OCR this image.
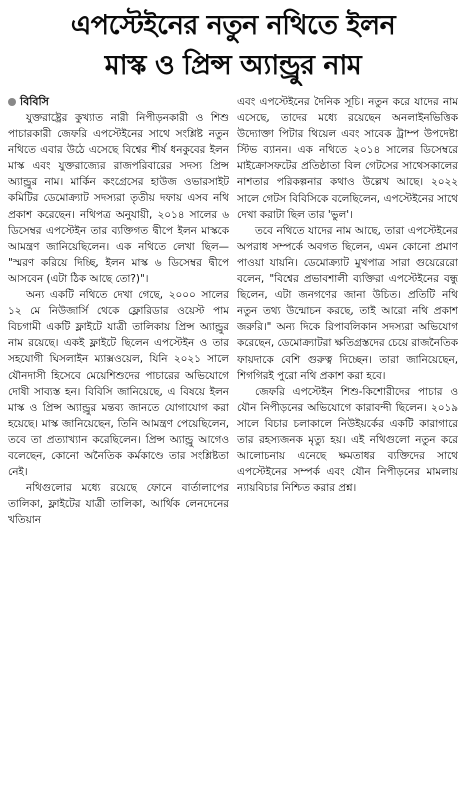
এপস্টেইনের নতুন নথিতে ইলন
মাস্ক ও প্রিন্স অ্যান্ড্রুর নাম
বিবিসি

যুক্তরাষ্ট্রের কুখ্যাত নারী নিপীড়নকারী ও শিশু পাচারকারী জেফরি এপস্টেইনের সাথে সংশ্লিষ্ট নতুন নথিতে এবার উঠে এসেছে বিশ্বের শীর্ষ ধনকুবের ইলন মাস্ক এবং যুক্তরাজ্যের রাজপরিবারের সদস্য প্রিন্স অ্যান্ড্রুর নাম। মার্কিন কংগ্রেসের হাউজ ওভারসাইট কমিটির ডেমোক্র্যাট সদস্যরা তৃতীয় দফায় এসব নথি প্রকাশ করেছেন। নথিপত্র অনুযায়ী, ২০১৪ সালের ৬ ডিসেম্বর এপস্টেইন তার ব্যক্তিগত দ্বীপে ইলন মাস্ককে আমন্ত্রণ জানিয়েছিলেন। এক নথিতে লেখা ছিল— "স্মরণ করিয়ে দিচ্ছি, ইলন মাস্ক ৬ ডিসেম্বর দ্বীপে আসবেন (এটা ঠিক আছে তো?)"।

অন্য একটি নথিতে দেখা গেছে, ২০০০ সালের ১২ মে নিউজার্সি থেকে ফ্লোরিডার ওয়েস্ট পাম বিচগামী একটি ফ্লাইটে যাত্রী তালিকায় প্রিন্স অ্যান্ড্রুর নাম রয়েছে। একই ফ্লাইটে ছিলেন এপস্টেইন ও তার সহযোগী ঘিসলাইন ম্যাক্সওয়েল, যিনি ২০২১ সালে যৌনদাসী হিসেবে মেয়েশিশুদের পাচারের অভিযোগে দোষী সাব্যস্ত হন। বিবিসি জানিয়েছে, এ বিষয়ে ইলন মাস্ক ও প্রিন্স অ্যান্ড্রুর মন্তব্য জানতে যোগাযোগ করা হয়েছে। মাস্ক জানিয়েছেন, তিনি আমন্ত্রণ পেয়েছিলেন, তবে তা প্রত্যাখ্যান করেছিলেন। প্রিন্স অ্যান্ড্রু আগেও বলেছেন, কোনো অনৈতিক কর্মকাণ্ডে তার সংশ্লিষ্টতা নেই।

নথিগুলোর মধ্যে রয়েছে ফোনে বার্তালাপের তালিকা, ফ্লাইটের যাত্রী তালিকা, আর্থিক লেনদেনের খতিয়ান

এবং এপস্টেইনের দৈনিক সূচি। নতুন করে যাদের নাম এসেছে, তাদের মধ্যে রয়েছেন অনলাইনভিত্তিক উদ্যোক্তা পিটার থিয়েল এবং সাবেক ট্রাম্প উপদেষ্টা স্টিভ ব্যানন। এক নথিতে ২০১৪ সালের ডিসেম্বরে মাইক্রোসফটের প্রতিষ্ঠাতা বিল গেটসের সাথেসকালের নাশতার পরিকল্পনার কথাও উল্লেখ আছে। ২০২২ সালে গেটস বিবিসিকে বলেছিলেন, এপস্টেইনের সাথে দেখা করাটা ছিল তার 'ভুল'।

তবে নথিতে যাদের নাম আছে, তারা এপস্টেইনের অপরাধ সম্পর্কে অবগত ছিলেন, এমন কোনো প্রমাণ পাওয়া যায়নি। ডেমোক্র্যাট মুখপাত্র সারা গুয়েরেরো বলেন, "বিশ্বের প্রভাবশালী ব্যক্তিরা এপস্টেইনের বন্ধু ছিলেন, এটা জনগণের জানা উচিত। প্রতিটি নথি নতুন তথ্য উন্মোচন করছে, তাই আরো নথি প্রকাশ জরুরি।" অন্য দিকে রিপাবলিকান সদস্যরা অভিযোগ করেছেন, ডেমোক্র্যাটরা ক্ষতিগ্রস্তদের চেয়ে রাজনৈতিক ফায়দাকে বেশি গুরুত্ব দিচ্ছেন। তারা জানিয়েছেন, শিগগিরই পুরো নথি প্রকাশ করা হবে।

জেফরি এপস্টেইন শিশু-কিশোরীদের পাচার ও যৌন নিপীড়নের অভিযোগে কারাবন্দী ছিলেন। ২০১৯ সালে বিচার চলাকালে নিউইয়র্কের একটি কারাগারে তার রহস্যজনক মৃত্যু হয়। এই নথিগুলো নতুন করে আলোচনায় এনেছে ক্ষমতাধর ব্যক্তিদের সাথে এপস্টেইনের সম্পর্ক এবং যৌন নিপীড়নের মামলায় ন্যায়বিচার নিশ্চিত করার প্রশ্ন।
